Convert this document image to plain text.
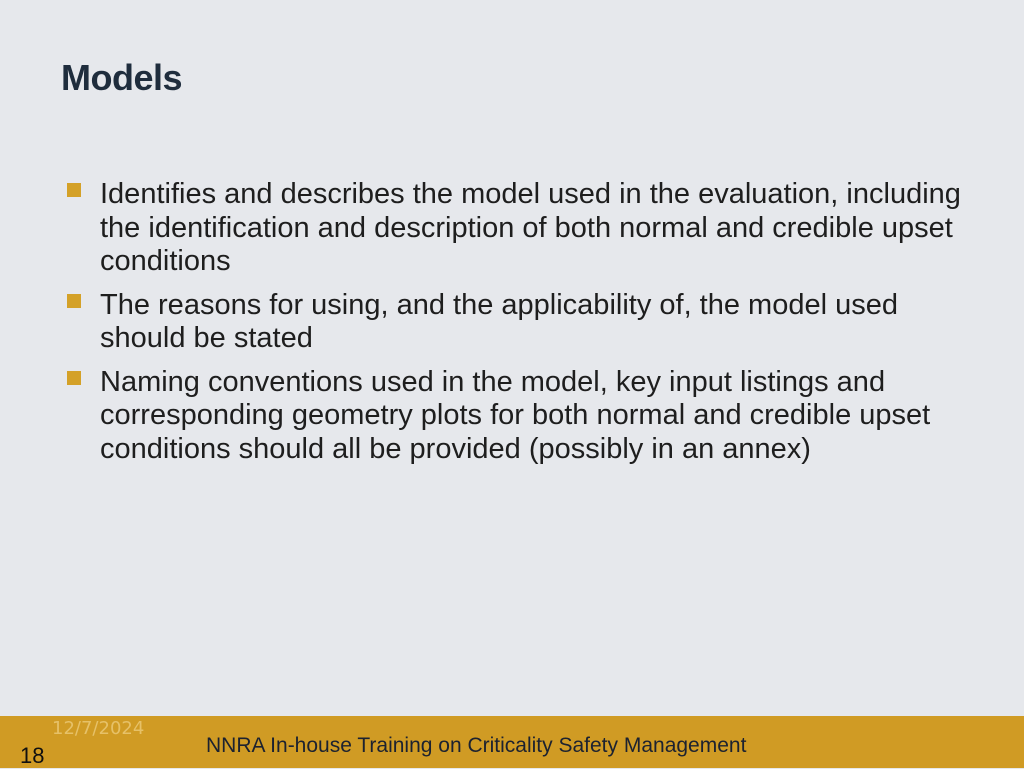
Models
Identifies and describes the model used in the evaluation, including the identification and description of both normal and credible upset conditions
The reasons for using, and the applicability of, the model used should be stated
Naming conventions used in the model, key input listings and corresponding geometry plots for both normal and credible upset conditions should all be provided (possibly in an annex)
12/7/2024
18	NNRA In-house Training on Criticality Safety Management
